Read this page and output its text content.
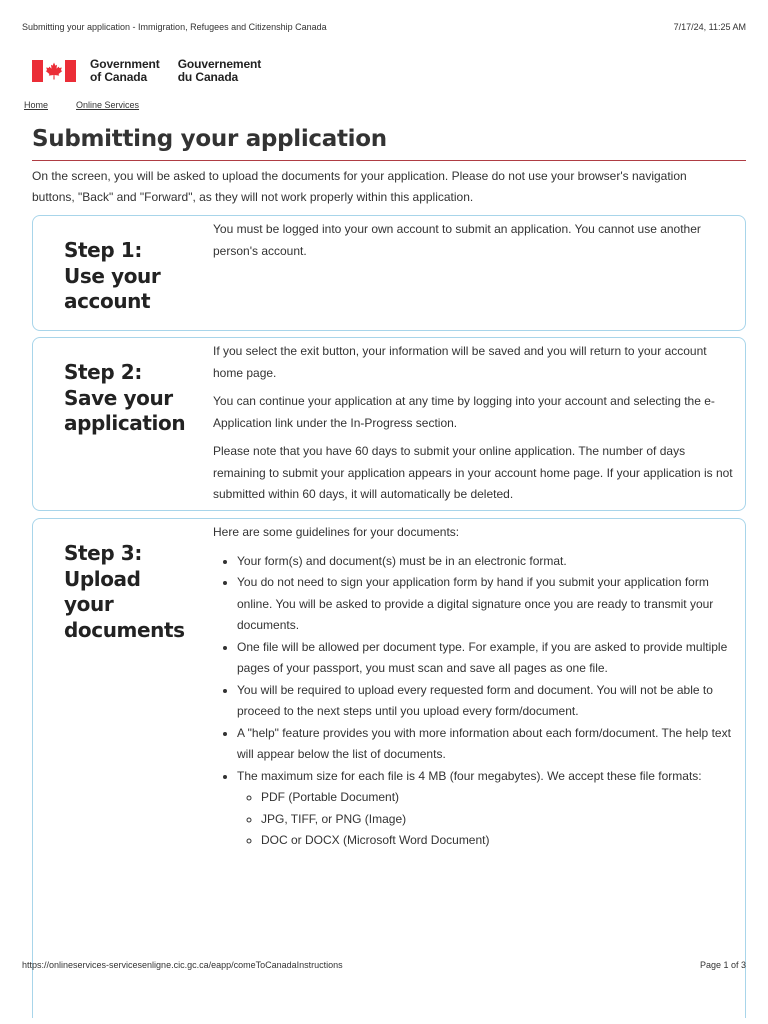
Submitting your application - Immigration, Refugees and Citizenship Canada	7/17/24, 11:25 AM
Government
of Canada
Gouvernement
du Canada
Home	Online Services
Submitting your application

On the screen, you will be asked to upload the documents for your application. Please do not use your browser's navigation buttons, "Back" and "Forward", as they will not work properly within this application.

Step 1:
Use your
account

You must be logged into your own account to submit an application. You cannot use another person's account.

Step 2:
Save your
application

If you select the exit button, your information will be saved and you will return to your account home page.

You can continue your application at any time by logging into your account and selecting the e-Application link under the In-Progress section.

Please note that you have 60 days to submit your online application. The number of days remaining to submit your application appears in your account home page. If your application is not submitted within 60 days, it will automatically be deleted.

Step 3:
Upload
your
documents

Here are some guidelines for your documents:

• Your form(s) and document(s) must be in an electronic format.
• You do not need to sign your application form by hand if you submit your application form online. You will be asked to provide a digital signature once you are ready to transmit your documents.
• One file will be allowed per document type. For example, if you are asked to provide multiple pages of your passport, you must scan and save all pages as one file.
• You will be required to upload every requested form and document. You will not be able to proceed to the next steps until you upload every form/document.
• A "help" feature provides you with more information about each form/document. The help text will appear below the list of documents.
• The maximum size for each file is 4 MB (four megabytes). We accept these file formats:
◦ PDF (Portable Document)
◦ JPG, TIFF, or PNG (Image)
◦ DOC or DOCX (Microsoft Word Document)
https://onlineservices-servicesenligne.cic.gc.ca/eapp/comeToCanadaInstructions	Page 1 of 3
